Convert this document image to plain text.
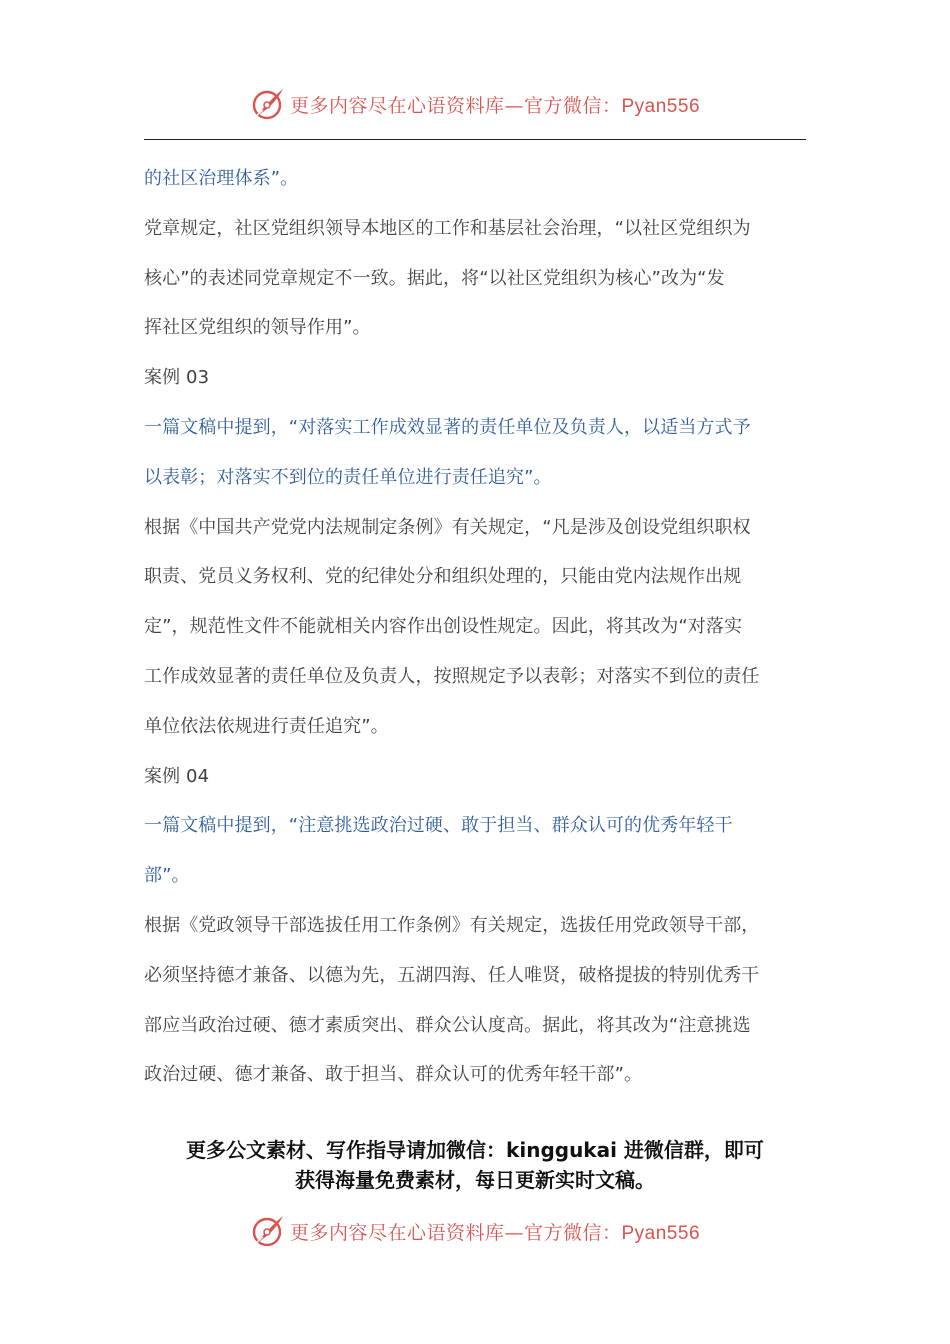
更多内容尽在心语资料库—官方微信：Pyan556
的社区治理体系”。
党章规定，社区党组织领导本地区的工作和基层社会治理，“以社区党组织为
核心”的表述同党章规定不一致。据此，将“以社区党组织为核心”改为“发
挥社区党组织的领导作用”。
案例 03
一篇文稿中提到，“对落实工作成效显著的责任单位及负责人，以适当方式予
以表彰；对落实不到位的责任单位进行责任追究”。
根据《中国共产党党内法规制定条例》有关规定，“凡是涉及创设党组织职权
职责、党员义务权利、党的纪律处分和组织处理的，只能由党内法规作出规
定”，规范性文件不能就相关内容作出创设性规定。因此，将其改为“对落实
工作成效显著的责任单位及负责人，按照规定予以表彰；对落实不到位的责任
单位依法依规进行责任追究”。
案例 04
一篇文稿中提到，“注意挑选政治过硬、敢于担当、群众认可的优秀年轻干
部”。
根据《党政领导干部选拔任用工作条例》有关规定，选拔任用党政领导干部，
必须坚持德才兼备、以德为先，五湖四海、任人唯贤，破格提拔的特别优秀干
部应当政治过硬、德才素质突出、群众公认度高。据此，将其改为“注意挑选
政治过硬、德才兼备、敢于担当、群众认可的优秀年轻干部”。
更多公文素材、写作指导请加微信：kinggukai 进微信群，即可
获得海量免费素材，每日更新实时文稿。
更多内容尽在心语资料库—官方微信：Pyan556
